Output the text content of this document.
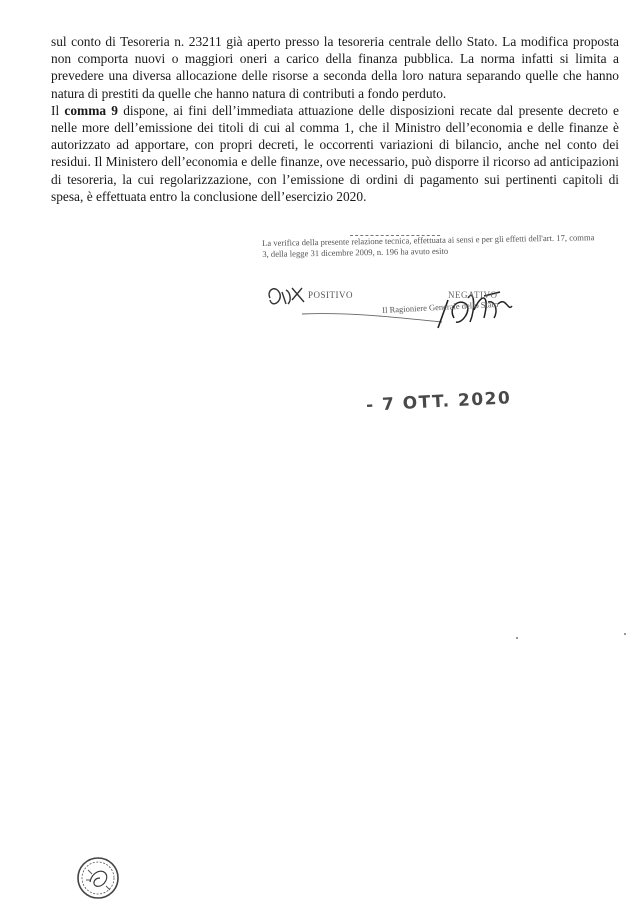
sul conto di Tesoreria n. 23211 già aperto presso la tesoreria centrale dello Stato. La modifica proposta non comporta nuovi o maggiori oneri a carico della finanza pubblica. La norma infatti si limita a prevedere una diversa allocazione delle risorse a seconda della loro natura separando quelle che hanno natura di prestiti da quelle che hanno natura di contributi a fondo perduto.

Il comma 9 dispone, ai fini dell’immediata attuazione delle disposizioni recate dal presente decreto e nelle more dell’emissione dei titoli di cui al comma 1, che il Ministro dell’economia e delle finanze è autorizzato ad apportare, con propri decreti, le occorrenti variazioni di bilancio, anche nel conto dei residui. Il Ministero dell’economia e delle finanze, ove necessario, può disporre il ricorso ad anticipazioni di tesoreria, la cui regolarizzazione, con l’emissione di ordini di pagamento sui pertinenti capitoli di spesa, è effettuata entro la conclusione dell’esercizio 2020.

La verifica della presente relazione tecnica, effettuata ai sensi e per gli effetti dell'art. 17, comma 3, della legge 31 dicembre 2009, n. 196 ha avuto esito
POSITIVO	NEGATIVO
Il Ragioniere Generale dello Stato
- 7 OTT. 2020
